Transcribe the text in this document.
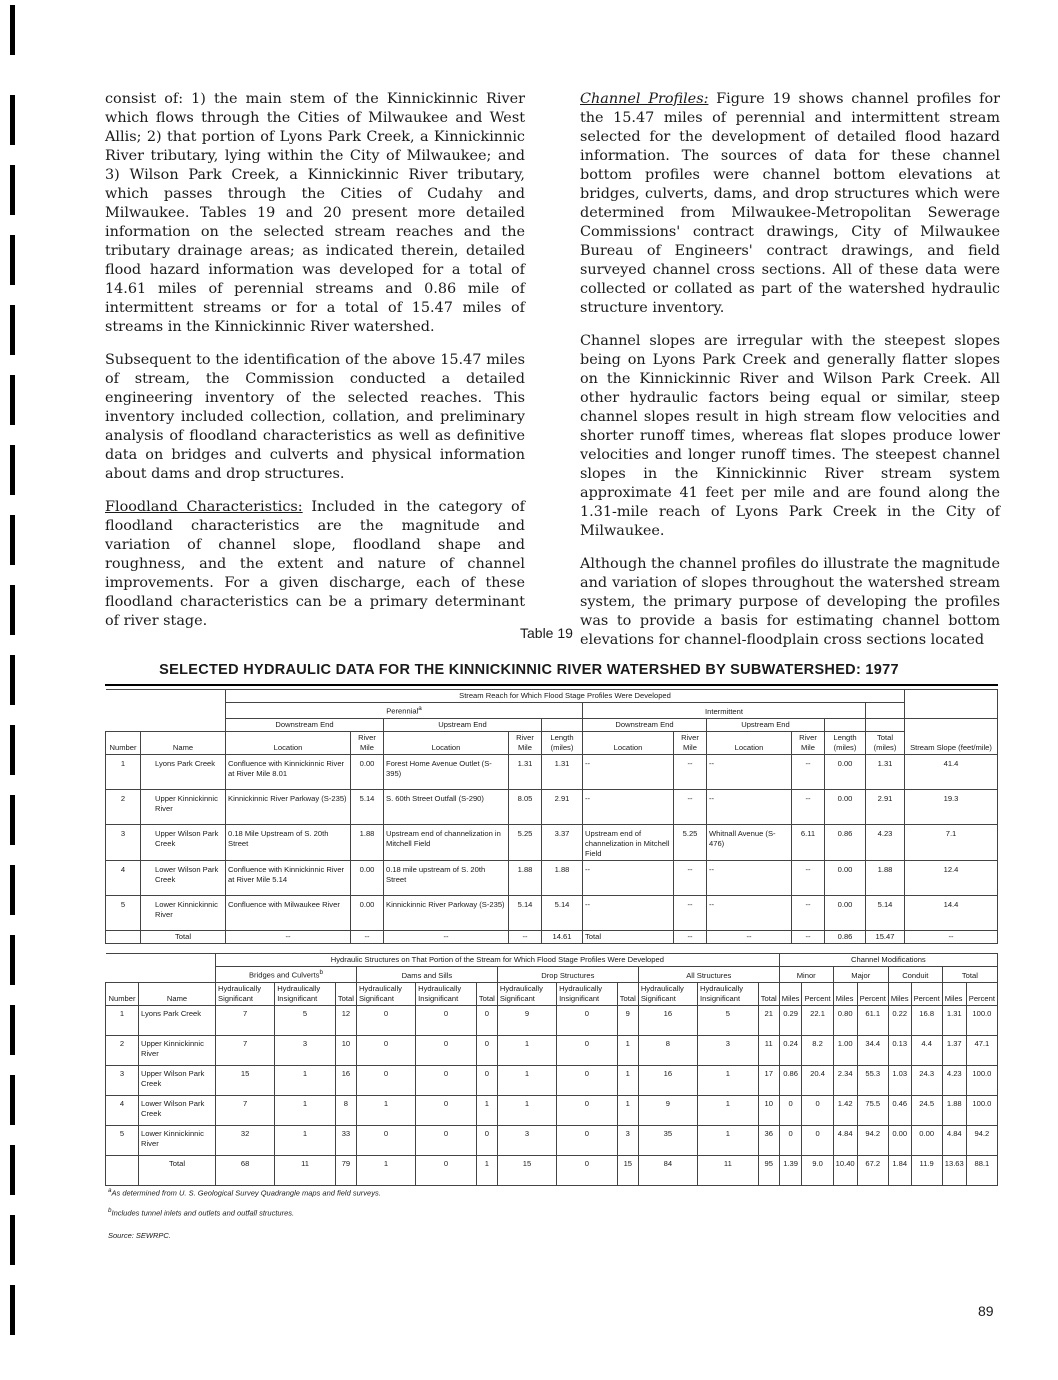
consist of: 1) the main stem of the Kinnickinnic River which flows through the Cities of Milwaukee and West Allis; 2) that portion of Lyons Park Creek, a Kinnickinnic River tributary, lying within the City of Milwaukee; and 3) Wilson Park Creek, a Kinnickinnic River tributary, which passes through the Cities of Cudahy and Milwaukee. Tables 19 and 20 present more detailed information on the selected stream reaches and the tributary drainage areas; as indicated therein, detailed flood hazard information was developed for a total of 14.61 miles of perennial streams and 0.86 mile of intermittent streams or for a total of 15.47 miles of streams in the Kinnickinnic River watershed.

Subsequent to the identification of the above 15.47 miles of stream, the Commission conducted a detailed engineering inventory of the selected reaches. This inventory included collection, collation, and preliminary analysis of floodland characteristics as well as definitive data on bridges and culverts and physical information about dams and drop structures.

Floodland Characteristics: Included in the category of floodland characteristics are the magnitude and variation of channel slope, floodland shape and roughness, and the extent and nature of channel improvements. For a given discharge, each of these floodland characteristics can be a primary determinant of river stage.

Channel Profiles: Figure 19 shows channel profiles for the 15.47 miles of perennial and intermittent stream selected for the development of detailed flood hazard information. The sources of data for these channel bottom profiles were channel bottom elevations at bridges, culverts, dams, and drop structures which were determined from Milwaukee-Metropolitan Sewerage Commissions' contract drawings, City of Milwaukee Bureau of Engineers' contract drawings, and field surveyed channel cross sections. All of these data were collected or collated as part of the watershed hydraulic structure inventory.

Channel slopes are irregular with the steepest slopes being on Lyons Park Creek and generally flatter slopes on the Kinnickinnic River and Wilson Park Creek. All other hydraulic factors being equal or similar, steep channel slopes result in high stream flow velocities and shorter runoff times, whereas flat slopes produce lower velocities and longer runoff times. The steepest channel slopes in the Kinnickinnic River stream system approximate 41 feet per mile and are found along the 1.31-mile reach of Lyons Park Creek in the City of Milwaukee.

Although the channel profiles do illustrate the magnitude and variation of slopes throughout the watershed stream system, the primary purpose of developing the profiles was to provide a basis for estimating channel bottom elevations for channel-floodplain cross sections located

Table 19
SELECTED HYDRAULIC DATA FOR THE KINNICKINNIC RIVER WATERSHED BY SUBWATERSHED: 1977
		Stream Reach for Which Flood Stage Profiles Were Developed											
		Perennial$^a$					Intermittent						
		Downstream End		Upstream End			Downstream End		Upstream End				Stream Slope (feet/mile)
Number	Name	Location	River Mile	Location	River Mile	Length (miles)	Location	River Mile	Location	River Mile	Length (miles)	Total (miles)	
1	Lyons Park Creek	Confluence with Kinnickinnic River at River Mile 8.01	0.00	Forest Home Avenue Outlet (S-395)	1.31	1.31	--	--	--	--	0.00	1.31	41.4
2	Upper Kinnickinnic River	Kinnickinnic River Parkway (S-235)	5.14	S. 60th Street Outfall (S-290)	8.05	2.91	--	--	--	--	0.00	2.91	19.3
3	Upper Wilson Park Creek	0.18 Mile Upstream of S. 20th Street	1.88	Upstream end of channelization in Mitchell Field	5.25	3.37	Upstream end of channelization in Mitchell Field	5.25	Whitnall Avenue (S-476)	6.11	0.86	4.23	7.1
4	Lower Wilson Park Creek	Confluence with Kinnickinnic River at River Mile 5.14	0.00	0.18 mile upstream of S. 20th Street	1.88	1.88	--	--	--	--	0.00	1.88	12.4
5	Lower Kinnickinnic River	Confluence with Milwaukee River	0.00	Kinnickinnic River Parkway (S-235)	5.14	5.14	--	--	--	--	0.00	5.14	14.4
	Total	--	--	--	--	14.61	Total	--	--	--	0.86	15.47	--
		Hydraulic Structures on That Portion of the Stream for Which Flood Stage Profiles Were Developed												Channel Modifications							
		Bridges and Culverts$^b$			Dams and Sills			Drop Structures			All Structures			Minor		Major		Conduit		Total	
Number	Name	Hydraulically Significant	Hydraulically Insignificant	Total	Hydraulically Significant	Hydraulically Insignificant	Total	Hydraulically Significant	Hydraulically Insignificant	Total	Hydraulically Significant	Hydraulically Insignificant	Total	Miles	Percent	Miles	Percent	Miles	Percent	Miles	Percent
1	Lyons Park Creek	7	5	12	0	0	0	9	0	9	16	5	21	0.29	22.1	0.80	61.1	0.22	16.8	1.31	100.0
2	Upper Kinnickinnic River	7	3	10	0	0	0	1	0	1	8	3	11	0.24	8.2	1.00	34.4	0.13	4.4	1.37	47.1
3	Upper Wilson Park Creek	15	1	16	0	0	0	1	0	1	16	1	17	0.86	20.4	2.34	55.3	1.03	24.3	4.23	100.0
4	Lower Wilson Park Creek	7	1	8	1	0	1	1	0	1	9	1	10	0	0	1.42	75.5	0.46	24.5	1.88	100.0
5	Lower Kinnickinnic River	32	1	33	0	0	0	3	0	3	35	1	36	0	0	4.84	94.2	0.00	0.00	4.84	94.2
	Total	68	11	79	1	0	1	15	0	15	84	11	95	1.39	9.0	10.40	67.2	1.84	11.9	13.63	88.1
$^a$As determined from U. S. Geological Survey Quadrangle maps and field surveys.
$^b$Includes tunnel inlets and outlets and outfall structures.
Source: SEWRPC.
89
